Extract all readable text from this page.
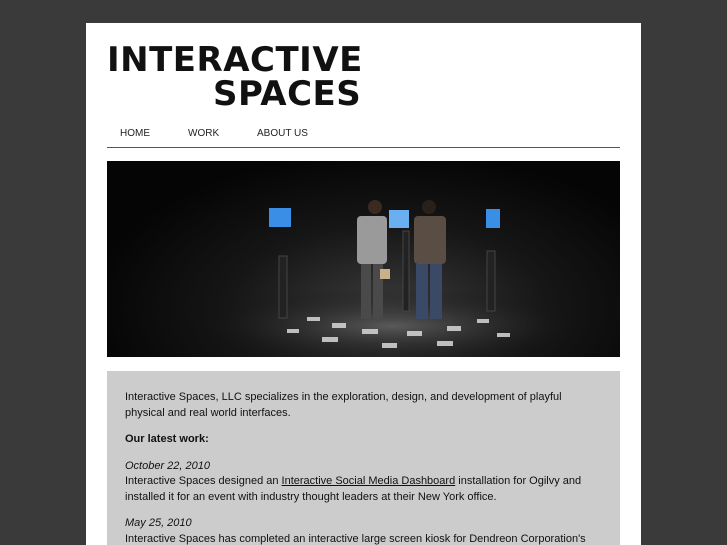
INTERACTIVE
SPACES
HOME	WORK	ABOUT US

Interactive Spaces, LLC specializes in the exploration, design, and development of playful physical and real world interfaces.

Our latest work:

October 22, 2010
Interactive Spaces designed an Interactive Social Media Dashboard installation for Ogilvy and installed it for an event with industry thought leaders at their New York office.

May 25, 2010
Interactive Spaces has completed an interactive large screen kiosk for Dendreon Corporation's
